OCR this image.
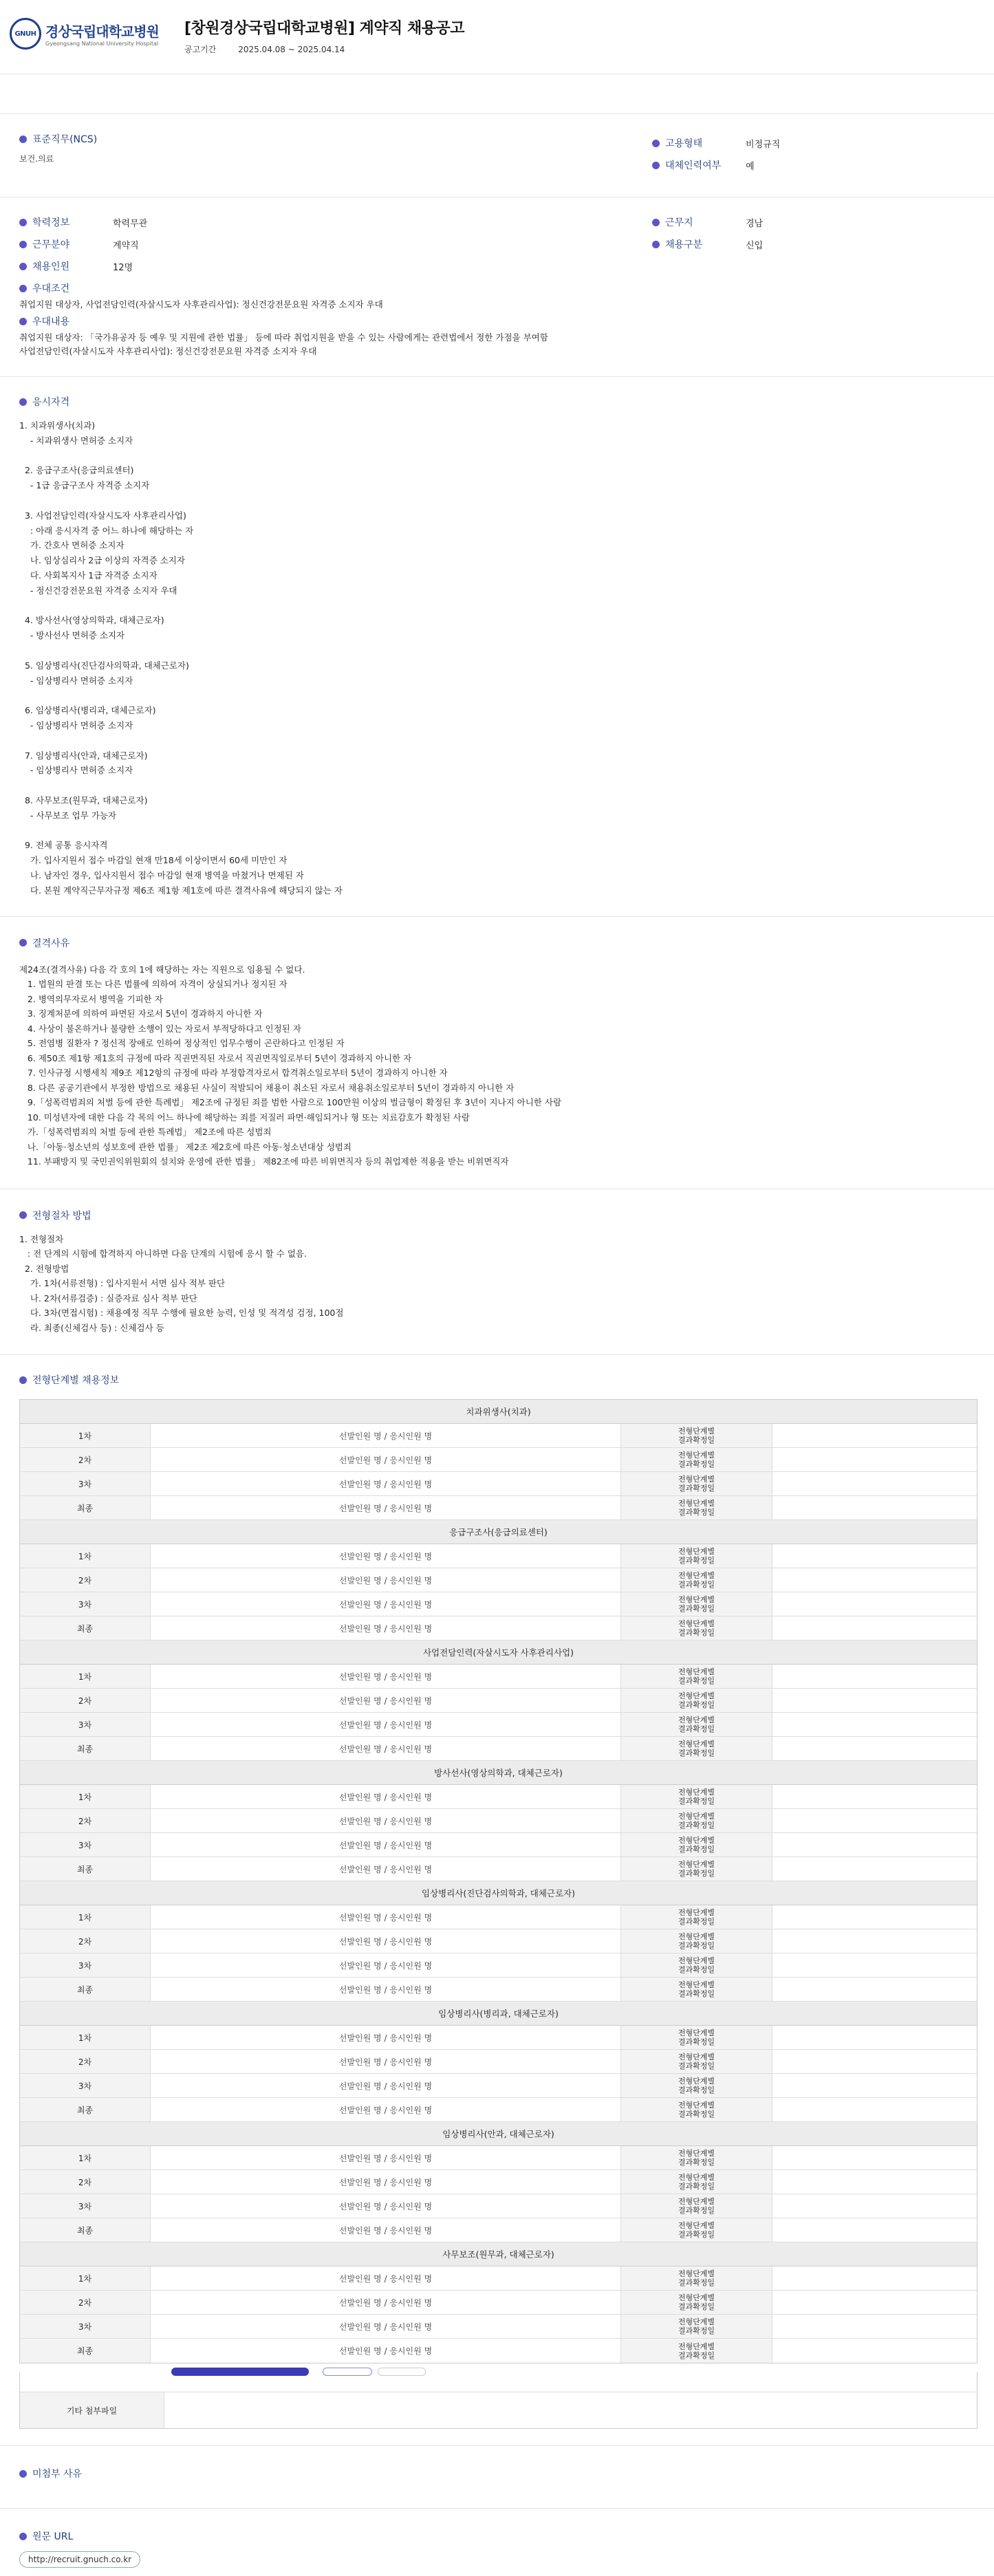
GNUH 경상국립대학교병원
Gyeongsang National University Hospital
[창원경상국립대학교병원] 계약직 채용공고
공고기간	2025.04.08 ~ 2025.04.14
표준직무(NCS)
보건.의료
고용형태	비정규직
대체인력여부	예
학력정보	학력무관
근무분야	계약직
채용인원	12명
근무지	경남
채용구분	신입
우대조건
취업지원 대상자, 사업전담인력(자살시도자 사후관리사업): 정신건강전문요원 자격증 소지자 우대
우대내용
취업지원 대상자: 「국가유공자 등 예우 및 지원에 관한 법률」 등에 따라 취업지원을 받을 수 있는 사람에게는 관련법에서 정한 가점을 부여함
사업전담인력(자살시도자 사후관리사업): 정신건강전문요원 자격증 소지자 우대
응시자격
1. 치과위생사(치과)
- 치과위생사 면허증 소지자

2. 응급구조사(응급의료센터)
- 1급 응급구조사 자격증 소지자

3. 사업전담인력(자살시도자 사후관리사업)
: 아래 응시자격 중 어느 하나에 해당하는 자
가. 간호사 면허증 소지자
나. 임상심리사 2급 이상의 자격증 소지자
다. 사회복지사 1급 자격증 소지자
- 정신건강전문요원 자격증 소지자 우대

4. 방사선사(영상의학과, 대체근로자)
- 방사선사 면허증 소지자

5. 임상병리사(진단검사의학과, 대체근로자)
- 임상병리사 면허증 소지자

6. 임상병리사(병리과, 대체근로자)
- 임상병리사 면허증 소지자

7. 임상병리사(안과, 대체근로자)
- 임상병리사 면허증 소지자

8. 사무보조(원무과, 대체근로자)
- 사무보조 업무 가능자

9. 전체 공통 응시자격
가. 입사지원서 접수 마감일 현재 만18세 이상이면서 60세 미만인 자
나. 남자인 경우, 입사지원서 접수 마감일 현재 병역을 마쳤거나 면제된 자
다. 본원 계약직근무자규정 제6조 제1항 제1호에 따른 결격사유에 해당되지 않는 자
결격사유
제24조(결격사유) 다음 각 호의 1에 해당하는 자는 직원으로 임용될 수 없다.
1. 법원의 판결 또는 다른 법률에 의하여 자격이 상실되거나 정지된 자
2. 병역의무자로서 병역을 기피한 자
3. 징계처분에 의하여 파면된 자로서 5년이 경과하지 아니한 자
4. 사상이 불온하거나 불량한 소행이 있는 자로서 부적당하다고 인정된 자
5. 전염병 질환자 ? 정신적 장애로 인하여 정상적인 업무수행이 곤란하다고 인정된 자
6. 제50조 제1항 제1호의 규정에 따라 직권면직된 자로서 직권면직일로부터 5년이 경과하지 아니한 자
7. 인사규정 시행세칙 제9조 제12항의 규정에 따라 부정합격자로서 합격취소일로부터 5년이 경과하지 아니한 자
8. 다른 공공기관에서 부정한 방법으로 채용된 사실이 적발되어 채용이 취소된 자로서 채용취소일로부터 5년이 경과하지 아니한 자
9.「성폭력범죄의 처벌 등에 관한 특례법」 제2조에 규정된 죄를 범한 사람으로 100만원 이상의 벌금형이 확정된 후 3년이 지나지 아니한 사람
10. 미성년자에 대한 다음 각 목의 어느 하나에 해당하는 죄를 저질러 파면·해임되거나 형 또는 치료감호가 확정된 사람
가.「성폭력범죄의 처벌 등에 관한 특례법」 제2조에 따른 성범죄
나.「아동·청소년의 성보호에 관한 법률」 제2조 제2호에 따른 아동·청소년대상 성범죄
11. 부패방지 및 국민권익위원회의 설치와 운영에 관한 법률」 제82조에 따른 비위면직자 등의 취업제한 적용을 받는 비위면직자
전형절차 방법
1. 전형절차
: 전 단계의 시험에 합격하지 아니하면 다음 단계의 시험에 응시 할 수 없음.
2. 전형방법
가. 1차(서류전형) : 입사지원서 서면 심사 적부 판단
나. 2차(서류검증) : 실증자료 심사 적부 판단
다. 3차(면접시험) : 채용예정 직무 수행에 필요한 능력, 인성 및 적격성 검정, 100점
라. 최종(신체검사 등) : 신체검사 등
전형단계별 채용정보
치과위생사(치과)
1차	선발인원 명 / 응시인원 명	전형단계별
결과확정일
2차	선발인원 명 / 응시인원 명	전형단계별
결과확정일
3차	선발인원 명 / 응시인원 명	전형단계별
결과확정일
최종	선발인원 명 / 응시인원 명	전형단계별
결과확정일
응급구조사(응급의료센터)
1차	선발인원 명 / 응시인원 명	전형단계별
결과확정일
2차	선발인원 명 / 응시인원 명	전형단계별
결과확정일
3차	선발인원 명 / 응시인원 명	전형단계별
결과확정일
최종	선발인원 명 / 응시인원 명	전형단계별
결과확정일
사업전담인력(자살시도자 사후관리사업)
1차	선발인원 명 / 응시인원 명	전형단계별
결과확정일
2차	선발인원 명 / 응시인원 명	전형단계별
결과확정일
3차	선발인원 명 / 응시인원 명	전형단계별
결과확정일
최종	선발인원 명 / 응시인원 명	전형단계별
결과확정일
방사선사(영상의학과, 대체근로자)
1차	선발인원 명 / 응시인원 명	전형단계별
결과확정일
2차	선발인원 명 / 응시인원 명	전형단계별
결과확정일
3차	선발인원 명 / 응시인원 명	전형단계별
결과확정일
최종	선발인원 명 / 응시인원 명	전형단계별
결과확정일
임상병리사(진단검사의학과, 대체근로자)
1차	선발인원 명 / 응시인원 명	전형단계별
결과확정일
2차	선발인원 명 / 응시인원 명	전형단계별
결과확정일
3차	선발인원 명 / 응시인원 명	전형단계별
결과확정일
최종	선발인원 명 / 응시인원 명	전형단계별
결과확정일
임상병리사(병리과, 대체근로자)
1차	선발인원 명 / 응시인원 명	전형단계별
결과확정일
2차	선발인원 명 / 응시인원 명	전형단계별
결과확정일
3차	선발인원 명 / 응시인원 명	전형단계별
결과확정일
최종	선발인원 명 / 응시인원 명	전형단계별
결과확정일
임상병리사(안과, 대체근로자)
1차	선발인원 명 / 응시인원 명	전형단계별
결과확정일
2차	선발인원 명 / 응시인원 명	전형단계별
결과확정일
3차	선발인원 명 / 응시인원 명	전형단계별
결과확정일
최종	선발인원 명 / 응시인원 명	전형단계별
결과확정일
사무보조(원무과, 대체근로자)
1차	선발인원 명 / 응시인원 명	전형단계별
결과확정일
2차	선발인원 명 / 응시인원 명	전형단계별
결과확정일
3차	선발인원 명 / 응시인원 명	전형단계별
결과확정일
최종	선발인원 명 / 응시인원 명	전형단계별
결과확정일
기타 첨부파일
미첨부 사유
원문 URL
http://recruit.gnuch.co.kr
